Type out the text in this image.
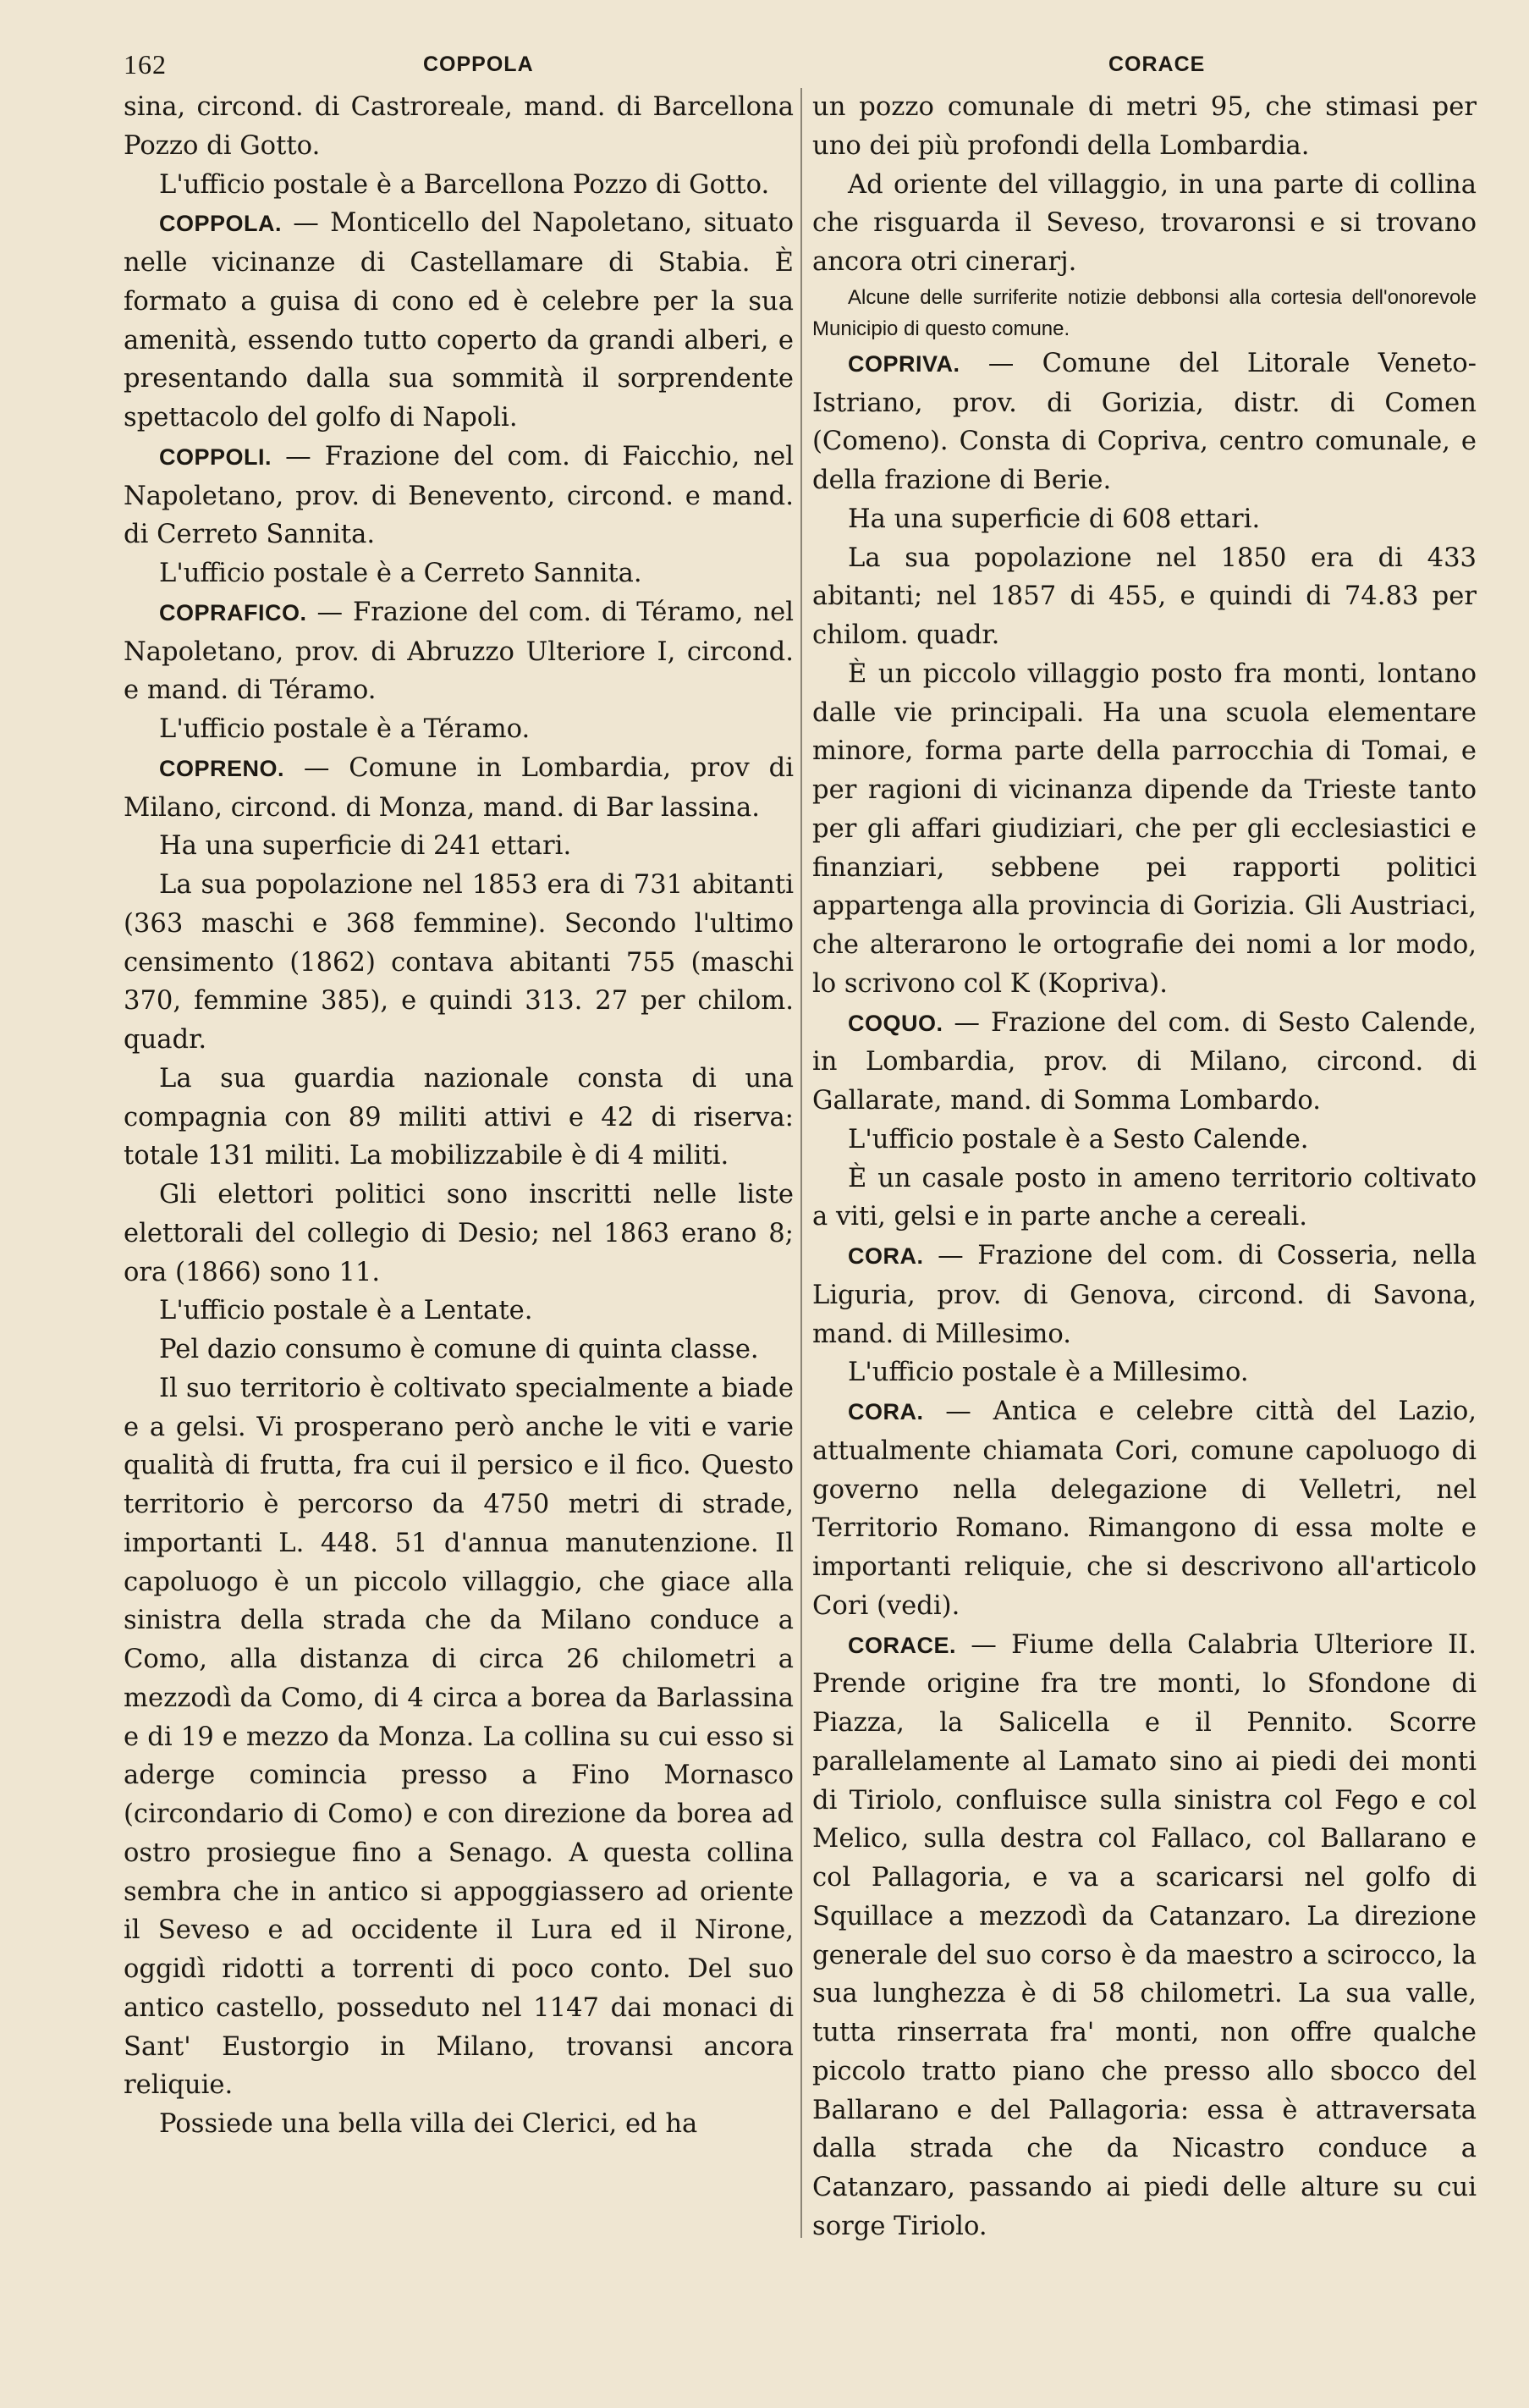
162	COPPOLA	CORACE

sina, circond. di Castroreale, mand. di Barcellona Pozzo di Gotto.

L'ufficio postale è a Barcellona Pozzo di Gotto.

COPPOLA. — Monticello del Napoletano, situato nelle vicinanze di Castellamare di Stabia. È formato a guisa di cono ed è celebre per la sua amenità, essendo tutto coperto da grandi alberi, e presentando dalla sua sommità il sorprendente spettacolo del golfo di Napoli.

COPPOLI. — Frazione del com. di Faicchio, nel Napoletano, prov. di Benevento, circond. e mand. di Cerreto Sannita.

L'ufficio postale è a Cerreto Sannita.

COPRAFICO. — Frazione del com. di Téramo, nel Napoletano, prov. di Abruzzo Ulteriore I, circond. e mand. di Téramo.

L'ufficio postale è a Téramo.

COPRENO. — Comune in Lombardia, prov di Milano, circond. di Monza, mand. di Bar lassina.

Ha una superficie di 241 ettari.

La sua popolazione nel 1853 era di 731 abitanti (363 maschi e 368 femmine). Secondo l'ultimo censimento (1862) contava abitanti 755 (maschi 370, femmine 385), e quindi 313. 27 per chilom. quadr.

La sua guardia nazionale consta di una compagnia con 89 militi attivi e 42 di riserva: totale 131 militi. La mobilizzabile è di 4 militi.

Gli elettori politici sono inscritti nelle liste elettorali del collegio di Desio; nel 1863 erano 8; ora (1866) sono 11.

L'ufficio postale è a Lentate.

Pel dazio consumo è comune di quinta classe.

Il suo territorio è coltivato specialmente a biade e a gelsi. Vi prosperano però anche le viti e varie qualità di frutta, fra cui il persico e il fico. Questo territorio è percorso da 4750 metri di strade, importanti L. 448. 51 d'annua manutenzione. Il capoluogo è un piccolo villaggio, che giace alla sinistra della strada che da Milano conduce a Como, alla distanza di circa 26 chilometri a mezzodì da Como, di 4 circa a borea da Barlassina e di 19 e mezzo da Monza. La collina su cui esso si aderge comincia presso a Fino Mornasco (circondario di Como) e con direzione da borea ad ostro prosiegue fino a Senago. A questa collina sembra che in antico si appoggiassero ad oriente il Seveso e ad occidente il Lura ed il Nirone, oggidì ridotti a torrenti di poco conto. Del suo antico castello, posseduto nel 1147 dai monaci di Sant' Eustorgio in Milano, trovansi ancora reliquie.

Possiede una bella villa dei Clerici, ed ha

un pozzo comunale di metri 95, che stimasi per uno dei più profondi della Lombardia.

Ad oriente del villaggio, in una parte di collina che risguarda il Seveso, trovaronsi e si trovano ancora otri cinerarj.

Alcune delle surriferite notizie debbonsi alla cortesia dell'onorevole Municipio di questo comune.

COPRIVA. — Comune del Litorale Veneto-Istriano, prov. di Gorizia, distr. di Comen (Comeno). Consta di Copriva, centro comunale, e della frazione di Berie.

Ha una superficie di 608 ettari.

La sua popolazione nel 1850 era di 433 abitanti; nel 1857 di 455, e quindi di 74.83 per chilom. quadr.

È un piccolo villaggio posto fra monti, lontano dalle vie principali. Ha una scuola elementare minore, forma parte della parrocchia di Tomai, e per ragioni di vicinanza dipende da Trieste tanto per gli affari giudiziari, che per gli ecclesiastici e finanziari, sebbene pei rapporti politici appartenga alla provincia di Gorizia. Gli Austriaci, che alterarono le ortografie dei nomi a lor modo, lo scrivono col K (Kopriva).

COQUO. — Frazione del com. di Sesto Calende, in Lombardia, prov. di Milano, circond. di Gallarate, mand. di Somma Lombardo.

L'ufficio postale è a Sesto Calende.

È un casale posto in ameno territorio coltivato a viti, gelsi e in parte anche a cereali.

CORA. — Frazione del com. di Cosseria, nella Liguria, prov. di Genova, circond. di Savona, mand. di Millesimo.

L'ufficio postale è a Millesimo.

CORA. — Antica e celebre città del Lazio, attualmente chiamata Cori, comune capoluogo di governo nella delegazione di Velletri, nel Territorio Romano. Rimangono di essa molte e importanti reliquie, che si descrivono all'articolo Cori (vedi).

CORACE. — Fiume della Calabria Ulteriore II. Prende origine fra tre monti, lo Sfondone di Piazza, la Salicella e il Pennito. Scorre parallelamente al Lamato sino ai piedi dei monti di Tiriolo, confluisce sulla sinistra col Fego e col Melico, sulla destra col Fallaco, col Ballarano e col Pallagoria, e va a scaricarsi nel golfo di Squillace a mezzodì da Catanzaro. La direzione generale del suo corso è da maestro a scirocco, la sua lunghezza è di 58 chilometri. La sua valle, tutta rinserrata fra' monti, non offre qualche piccolo tratto piano che presso allo sbocco del Ballarano e del Pallagoria: essa è attraversata dalla strada che da Nicastro conduce a Catanzaro, passando ai piedi delle alture su cui sorge Tiriolo.
